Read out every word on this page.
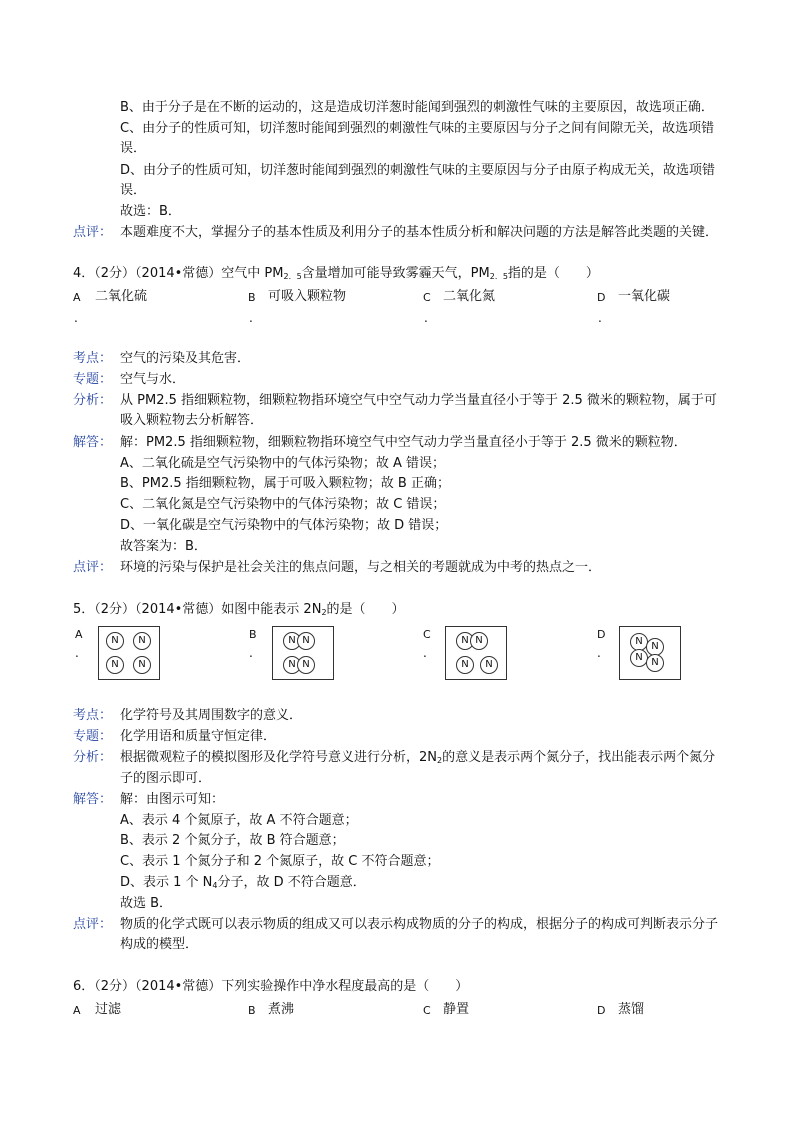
B、由于分子是在不断的运动的，这是造成切洋葱时能闻到强烈的刺激性气味的主要原因，故选项正确．
C、由分子的性质可知，切洋葱时能闻到强烈的刺激性气味的主要原因与分子之间有间隙无关，故选项错
误．
D、由分子的性质可知，切洋葱时能闻到强烈的刺激性气味的主要原因与分子由原子构成无关，故选项错
误．
故选：B．
点评： 本题难度不大，掌握分子的基本性质及利用分子的基本性质分析和解决问题的方法是解答此类题的关键．
4．（2分）（2014•常德）空气中 $PM_{2.5}$含量增加可能导致雾霾天气，$PM_{2.5}$指的是（　　）
A 二氧化硫
.
B 可吸入颗粒物
.
C 二氧化氮
.
D 一氧化碳
.
考点： 空气的污染及其危害．
专题： 空气与水．
分析： 从 PM2.5 指细颗粒物，细颗粒物指环境空气中空气动力学当量直径小于等于 2.5 微米的颗粒物，属于可
吸入颗粒物去分析解答．
解答： 解：PM2.5 指细颗粒物，细颗粒物指环境空气中空气动力学当量直径小于等于 2.5 微米的颗粒物．
A、二氧化硫是空气污染物中的气体污染物；故 A 错误；
B、PM2.5 指细颗粒物，属于可吸入颗粒物；故 B 正确；
C、二氧化氮是空气污染物中的气体污染物；故 C 错误；
D、一氧化碳是空气污染物中的气体污染物；故 D 错误；
故答案为：B．
点评： 环境的污染与保护是社会关注的焦点问题，与之相关的考题就成为中考的热点之一．
5．（2分）（2014•常德）如图中能表示 $2N_2$的是（　　）
A
.
N	N
N	N
B
.
N N
N N
C
.
N N
N	N
D
.
N N
N N
考点： 化学符号及其周围数字的意义．
专题： 化学用语和质量守恒定律．
分析： 根据微观粒子的模拟图形及化学符号意义进行分析，$2N_2$的意义是表示两个氮分子，找出能表示两个氮分
子的图示即可．
解答： 解：由图示可知：
A、表示 4 个氮原子，故 A 不符合题意；
B、表示 2 个氮分子，故 B 符合题意；
C、表示 1 个氮分子和 2 个氮原子，故 C 不符合题意；
D、表示 1 个 $N_4$分子，故 D 不符合题意．
故选 B．
点评： 物质的化学式既可以表示物质的组成又可以表示构成物质的分子的构成，根据分子的构成可判断表示分子
构成的模型．
6．（2分）（2014•常德）下列实验操作中净水程度最高的是（　　）
A 过滤	B 煮沸	C 静置	D 蒸馏
